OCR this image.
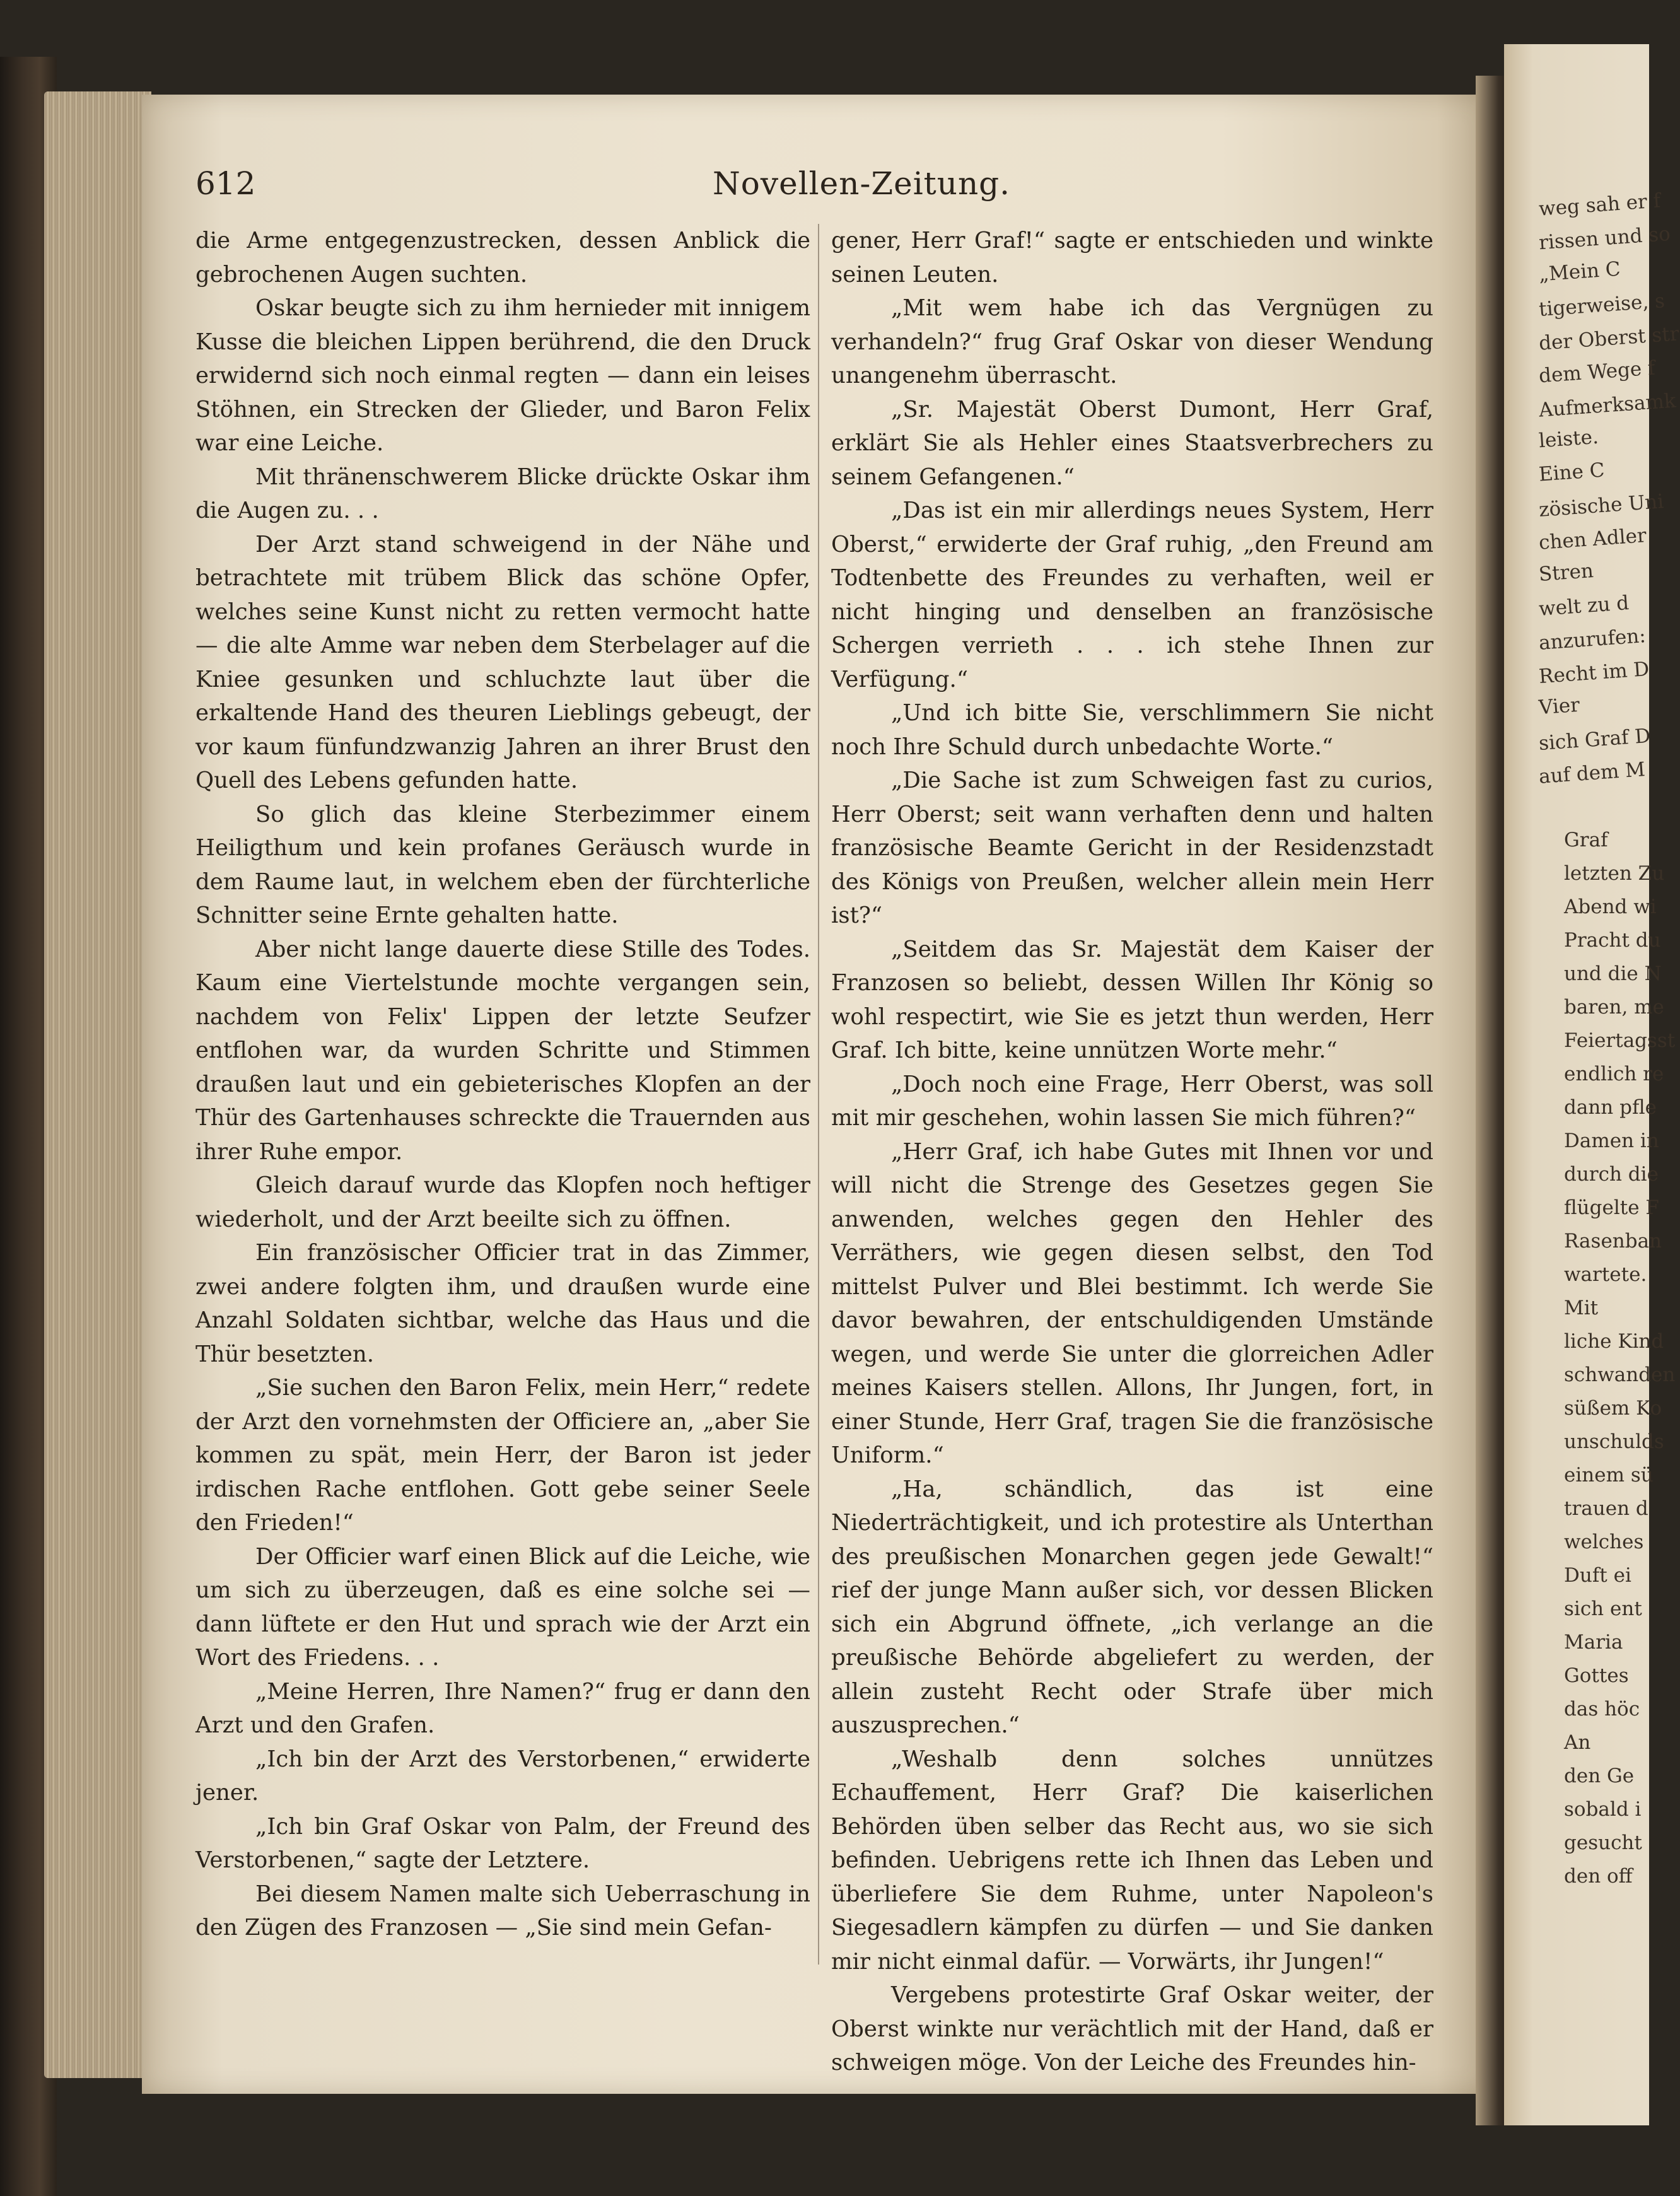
612	Novellen-Zeitung.

die Arme entgegenzustrecken, dessen Anblick die gebrochenen Augen suchten.

Oskar beugte sich zu ihm hernieder mit innigem Kusse die bleichen Lippen berührend, die den Druck erwidernd sich noch einmal regten — dann ein leises Stöhnen, ein Strecken der Glieder, und Baron Felix war eine Leiche.

Mit thränenschwerem Blicke drückte Oskar ihm die Augen zu. . .

Der Arzt stand schweigend in der Nähe und betrachtete mit trübem Blick das schöne Opfer, welches seine Kunst nicht zu retten vermocht hatte — die alte Amme war neben dem Sterbelager auf die Kniee gesunken und schluchzte laut über die erkaltende Hand des theuren Lieblings gebeugt, der vor kaum fünfundzwanzig Jahren an ihrer Brust den Quell des Lebens gefunden hatte.

So glich das kleine Sterbezimmer einem Heiligthum und kein profanes Geräusch wurde in dem Raume laut, in welchem eben der fürchterliche Schnitter seine Ernte gehalten hatte.

Aber nicht lange dauerte diese Stille des Todes. Kaum eine Viertelstunde mochte vergangen sein, nachdem von Felix' Lippen der letzte Seufzer entflohen war, da wurden Schritte und Stimmen draußen laut und ein gebieterisches Klopfen an der Thür des Gartenhauses schreckte die Trauernden aus ihrer Ruhe empor.

Gleich darauf wurde das Klopfen noch heftiger wiederholt, und der Arzt beeilte sich zu öffnen.

Ein französischer Officier trat in das Zimmer, zwei andere folgten ihm, und draußen wurde eine Anzahl Soldaten sichtbar, welche das Haus und die Thür besetzten.

„Sie suchen den Baron Felix, mein Herr,“ redete der Arzt den vornehmsten der Officiere an, „aber Sie kommen zu spät, mein Herr, der Baron ist jeder irdischen Rache entflohen. Gott gebe seiner Seele den Frieden!“

Der Officier warf einen Blick auf die Leiche, wie um sich zu überzeugen, daß es eine solche sei — dann lüftete er den Hut und sprach wie der Arzt ein Wort des Friedens. . .

„Meine Herren, Ihre Namen?“ frug er dann den Arzt und den Grafen.

„Ich bin der Arzt des Verstorbenen,“ erwiderte jener.

„Ich bin Graf Oskar von Palm, der Freund des Verstorbenen,“ sagte der Letztere.

Bei diesem Namen malte sich Ueberraschung in den Zügen des Franzosen — „Sie sind mein Gefan-

gener, Herr Graf!“ sagte er entschieden und winkte seinen Leuten.

„Mit wem habe ich das Vergnügen zu verhandeln?“ frug Graf Oskar von dieser Wendung unangenehm überrascht.

„Sr. Majestät Oberst Dumont, Herr Graf, erklärt Sie als Hehler eines Staatsverbrechers zu seinem Gefangenen.“

„Das ist ein mir allerdings neues System, Herr Oberst,“ erwiderte der Graf ruhig, „den Freund am Todtenbette des Freundes zu verhaften, weil er nicht hinging und denselben an französische Schergen verrieth . . . ich stehe Ihnen zur Verfügung.“

„Und ich bitte Sie, verschlimmern Sie nicht noch Ihre Schuld durch unbedachte Worte.“

„Die Sache ist zum Schweigen fast zu curios, Herr Oberst; seit wann verhaften denn und halten französische Beamte Gericht in der Residenzstadt des Königs von Preußen, welcher allein mein Herr ist?“

„Seitdem das Sr. Majestät dem Kaiser der Franzosen so beliebt, dessen Willen Ihr König so wohl respectirt, wie Sie es jetzt thun werden, Herr Graf. Ich bitte, keine unnützen Worte mehr.“

„Doch noch eine Frage, Herr Oberst, was soll mit mir geschehen, wohin lassen Sie mich führen?“

„Herr Graf, ich habe Gutes mit Ihnen vor und will nicht die Strenge des Gesetzes gegen Sie anwenden, welches gegen den Hehler des Verräthers, wie gegen diesen selbst, den Tod mittelst Pulver und Blei bestimmt. Ich werde Sie davor bewahren, der entschuldigenden Umstände wegen, und werde Sie unter die glorreichen Adler meines Kaisers stellen. Allons, Ihr Jungen, fort, in einer Stunde, Herr Graf, tragen Sie die französische Uniform.“

„Ha, schändlich, das ist eine Niederträchtigkeit, und ich protestire als Unterthan des preußischen Monarchen gegen jede Gewalt!“ rief der junge Mann außer sich, vor dessen Blicken sich ein Abgrund öffnete, „ich verlange an die preußische Behörde abgeliefert zu werden, der allein zusteht Recht oder Strafe über mich auszusprechen.“

„Weshalb denn solches unnützes Echauffement, Herr Graf? Die kaiserlichen Behörden üben selber das Recht aus, wo sie sich befinden. Uebrigens rette ich Ihnen das Leben und überliefere Sie dem Ruhme, unter Napoleon's Siegesadlern kämpfen zu dürfen — und Sie danken mir nicht einmal dafür. — Vorwärts, ihr Jungen!“

Vergebens protestirte Graf Oskar weiter, der Oberst winkte nur verächtlich mit der Hand, daß er schweigen möge. Von der Leiche des Freundes hin-

weg sah er f
rissen und so
„Mein C
tigerweise, s
der Oberst str
dem Wege f
Aufmerksamk
leiste.
Eine C
zösische Uni
chen Adler
Stren
welt zu d
anzurufen:
Recht im D
Vier
sich Graf D
auf dem M
Graf
letzten Zu
Abend wi
Pracht du
und die N
baren, me
Feiertagsst
endlich re
dann pfle
Damen in
durch die
flügelte F
Rasenban
wartete.
Mit
liche Kind
schwanden
süßem Ko
unschulds
einem sü
trauen d
welches
Duft ei
sich ent
Maria
Gottes
das höc
An
den Ge
sobald i
gesucht
den off
